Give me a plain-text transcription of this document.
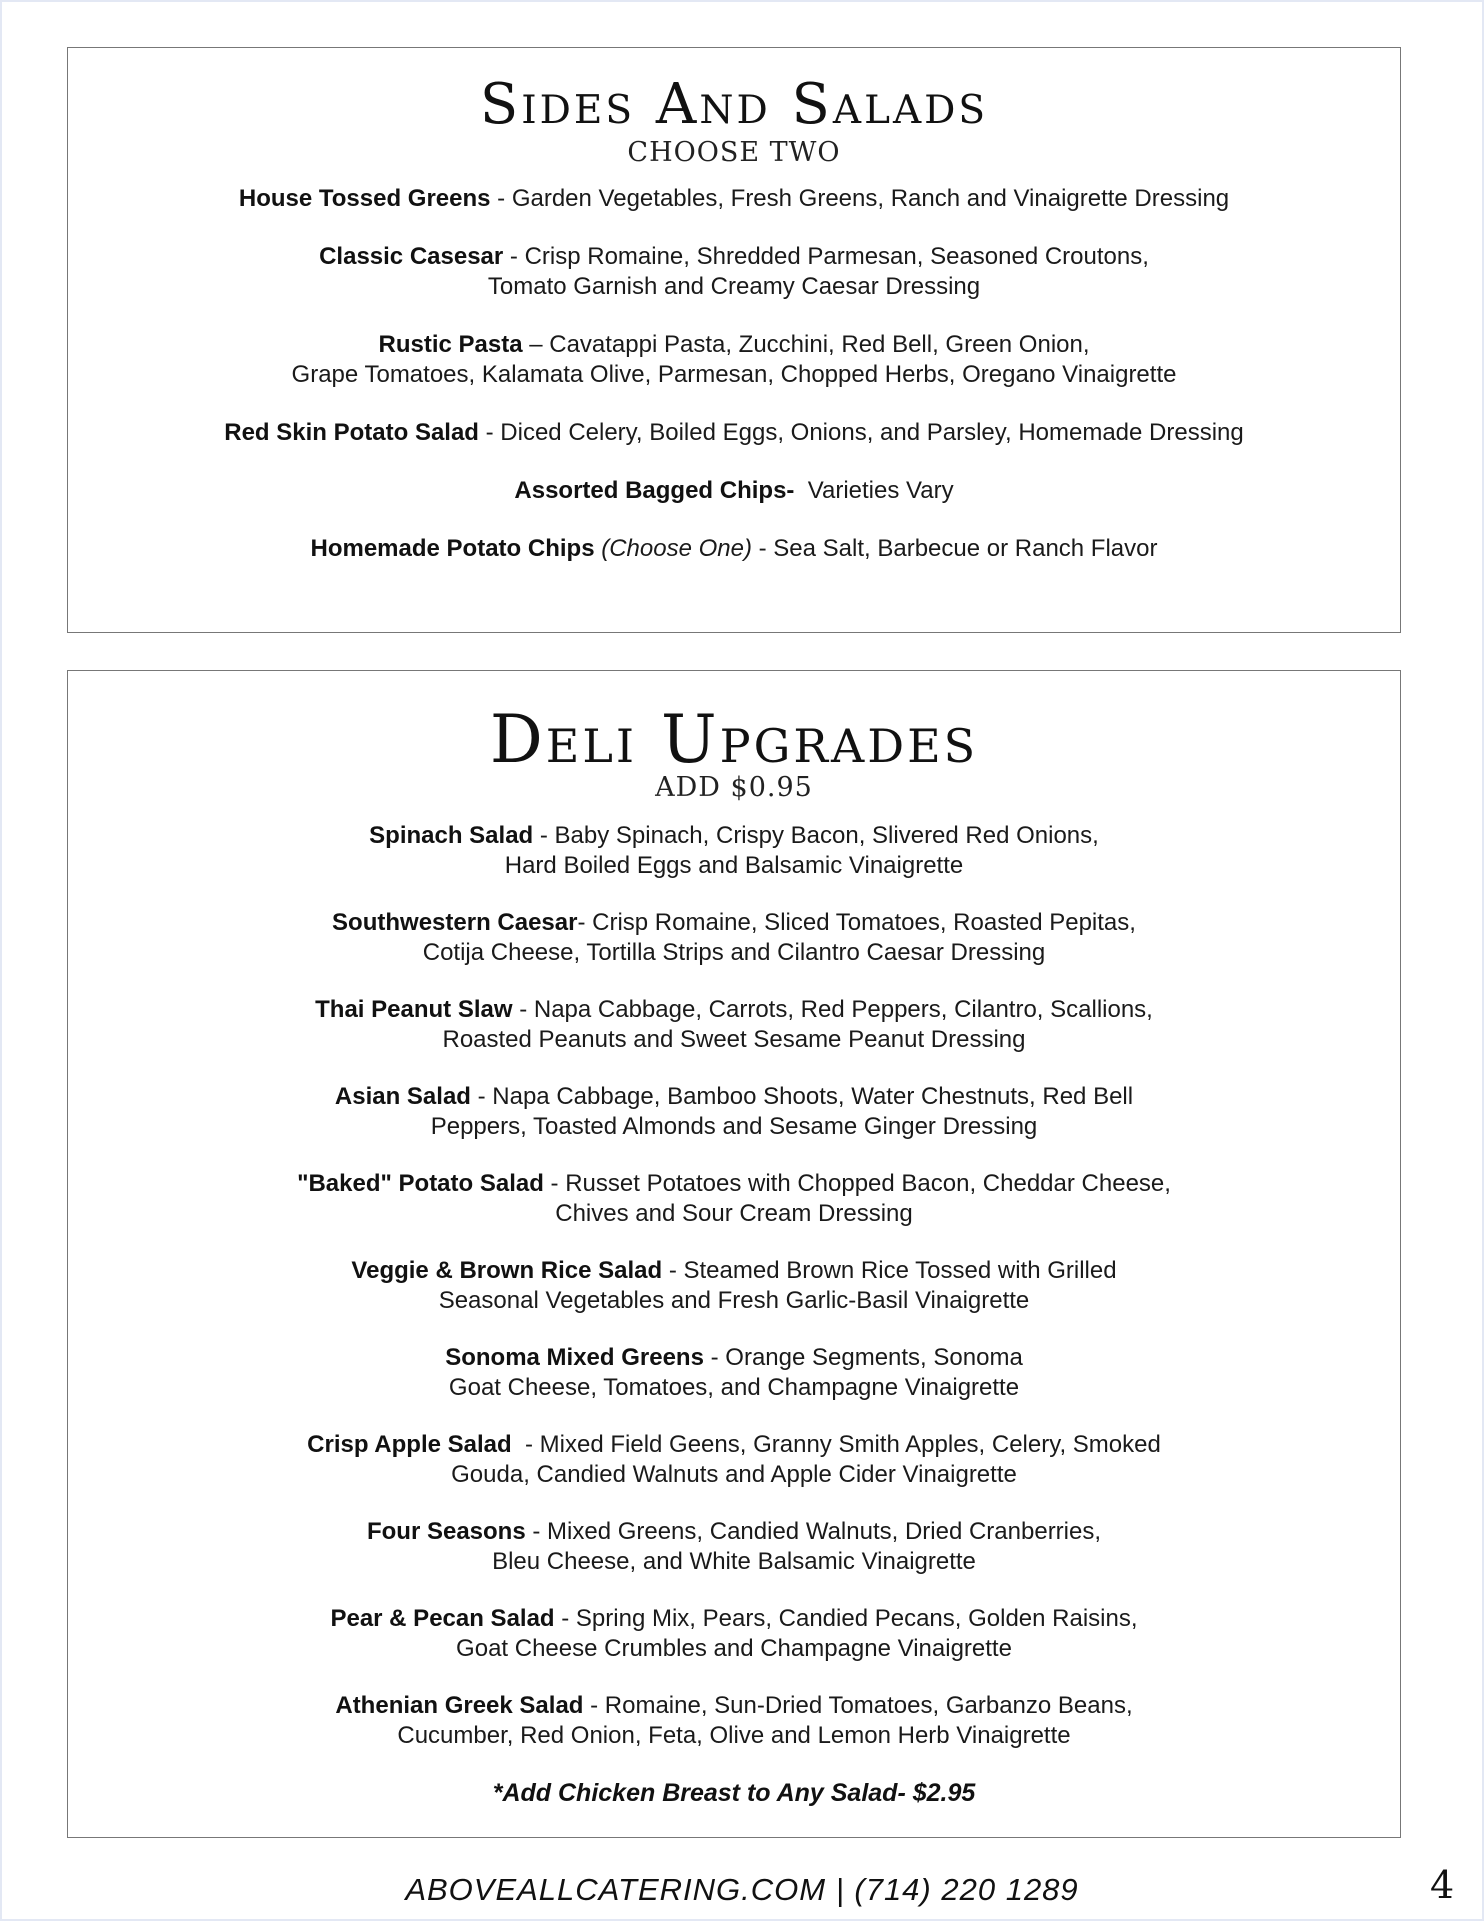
Sides And Salads
CHOOSE TWO
House Tossed Greens - Garden Vegetables, Fresh Greens, Ranch and Vinaigrette Dressing
Classic Casesar - Crisp Romaine, Shredded Parmesan, Seasoned Croutons,
Tomato Garnish and Creamy Caesar Dressing
Rustic Pasta – Cavatappi Pasta, Zucchini, Red Bell, Green Onion,
Grape Tomatoes, Kalamata Olive, Parmesan, Chopped Herbs, Oregano Vinaigrette
Red Skin Potato Salad - Diced Celery, Boiled Eggs, Onions, and Parsley, Homemade Dressing
Assorted Bagged Chips-  Varieties Vary
Homemade Potato Chips (Choose One) - Sea Salt, Barbecue or Ranch Flavor
Deli Upgrades
ADD $0.95
Spinach Salad - Baby Spinach, Crispy Bacon, Slivered Red Onions,
Hard Boiled Eggs and Balsamic Vinaigrette
Southwestern Caesar- Crisp Romaine, Sliced Tomatoes, Roasted Pepitas,
Cotija Cheese, Tortilla Strips and Cilantro Caesar Dressing
Thai Peanut Slaw - Napa Cabbage, Carrots, Red Peppers, Cilantro, Scallions,
Roasted Peanuts and Sweet Sesame Peanut Dressing
Asian Salad - Napa Cabbage, Bamboo Shoots, Water Chestnuts, Red Bell
Peppers, Toasted Almonds and Sesame Ginger Dressing
"Baked" Potato Salad - Russet Potatoes with Chopped Bacon, Cheddar Cheese,
Chives and Sour Cream Dressing
Veggie & Brown Rice Salad - Steamed Brown Rice Tossed with Grilled
Seasonal Vegetables and Fresh Garlic-Basil Vinaigrette
Sonoma Mixed Greens - Orange Segments, Sonoma
Goat Cheese, Tomatoes, and Champagne Vinaigrette
Crisp Apple Salad  - Mixed Field Geens, Granny Smith Apples, Celery, Smoked
Gouda, Candied Walnuts and Apple Cider Vinaigrette
Four Seasons - Mixed Greens, Candied Walnuts, Dried Cranberries,
Bleu Cheese, and White Balsamic Vinaigrette
Pear & Pecan Salad - Spring Mix, Pears, Candied Pecans, Golden Raisins,
Goat Cheese Crumbles and Champagne Vinaigrette
Athenian Greek Salad - Romaine, Sun-Dried Tomatoes, Garbanzo Beans,
Cucumber, Red Onion, Feta, Olive and Lemon Herb Vinaigrette
*Add Chicken Breast to Any Salad- $2.95
ABOVEALLCATERING.COM | (714) 220 1289	4
